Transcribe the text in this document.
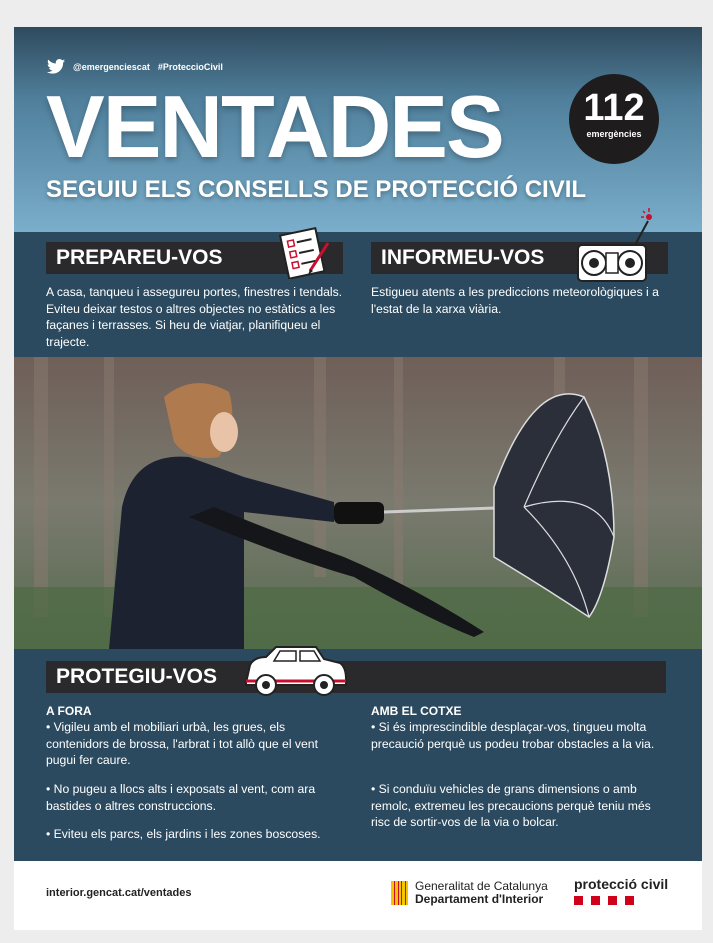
@emergenciescat #ProteccioCivil
VENTADES
SEGUIU ELS CONSELLS DE PROTECCIÓ CIVIL
112
emergències
PREPAREU-VOS

A casa, tanqueu i assegureu portes, finestres i tendals. Eviteu deixar testos o altres objectes no estàtics a les façanes i terrasses. Si heu de viatjar, planifiqueu el trajecte.

INFORMEU-VOS

Estigueu atents a les prediccions meteorològiques i a l'estat de la xarxa viària.

PROTEGIU-VOS

A FORA

• Vigileu amb el mobiliari urbà, les grues, els contenidors de brossa, l'arbrat i tot allò que el vent pugui fer caure.

• No pugeu a llocs alts i exposats al vent, com ara bastides o altres construccions.

• Eviteu els parcs, els jardins i les zones boscoses.

AMB EL COTXE

• Si és imprescindible desplaçar-vos, tingueu molta precaució perquè us podeu trobar obstacles a la via.

• Si conduïu vehicles de grans dimensions o amb remolc, extremeu les precaucions perquè teniu més risc de sortir-vos de la via o bolcar.

interior.gencat.cat/ventades	Generalitat de Catalunya
Departament d'Interior
protecció civil
